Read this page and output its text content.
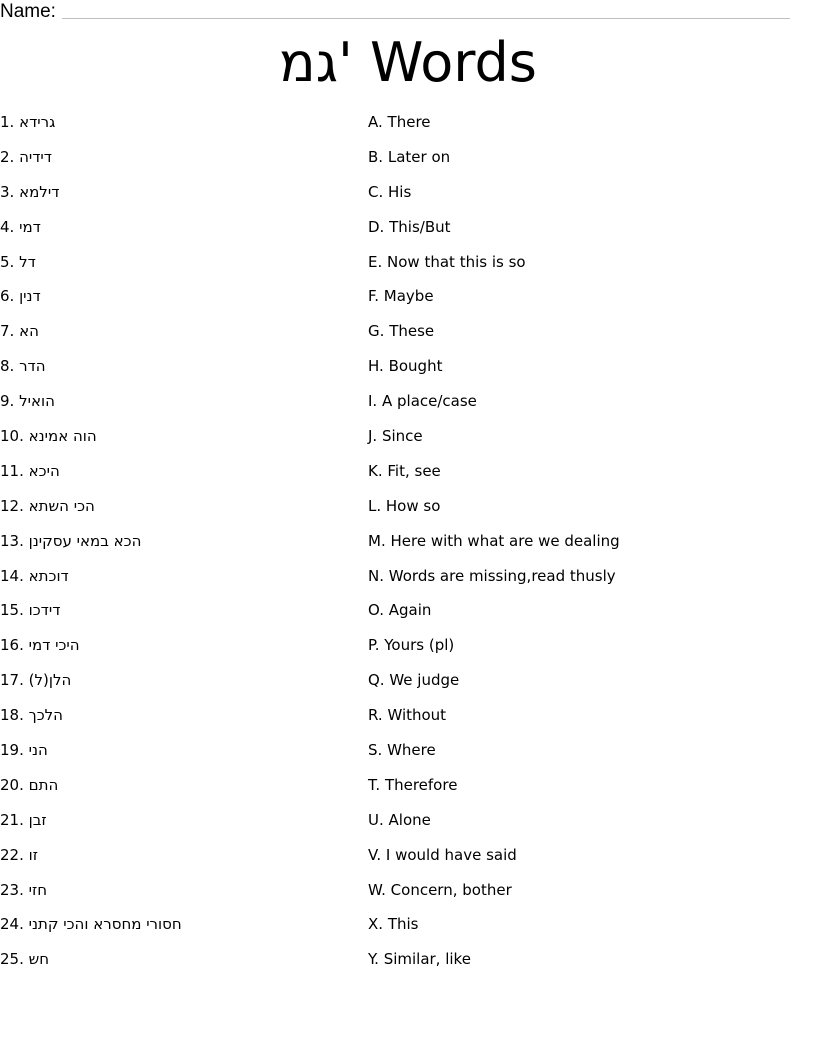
Name:
גמ' Words
1. גרידא
2. דידיה
3. דילמא
4. דמי
5. דל
6. דנין
7. הא
8. הדר
9. הואיל
10. הוה אמינא
11. היכא
12. הכי השתא
13. הכא במאי עסקינן
14. דוכתא
15. דידכו
16. היכי דמי
17. (ל)הלן
18. הלכך
19. הני
20. התם
21. זבן
22. זו
23. חזי
24. חסורי מחסרא והכי קתני
25. חש
A. There
B. Later on
C. His
D. This/But
E. Now that this is so
F. Maybe
G. These
H. Bought
I. A place/case
J. Since
K. Fit, see
L. How so
M. Here with what are we dealing
N. Words are missing,read thusly
O. Again
P. Yours (pl)
Q. We judge
R. Without
S. Where
T. Therefore
U. Alone
V. I would have said
W. Concern, bother
X. This
Y. Similar, like
